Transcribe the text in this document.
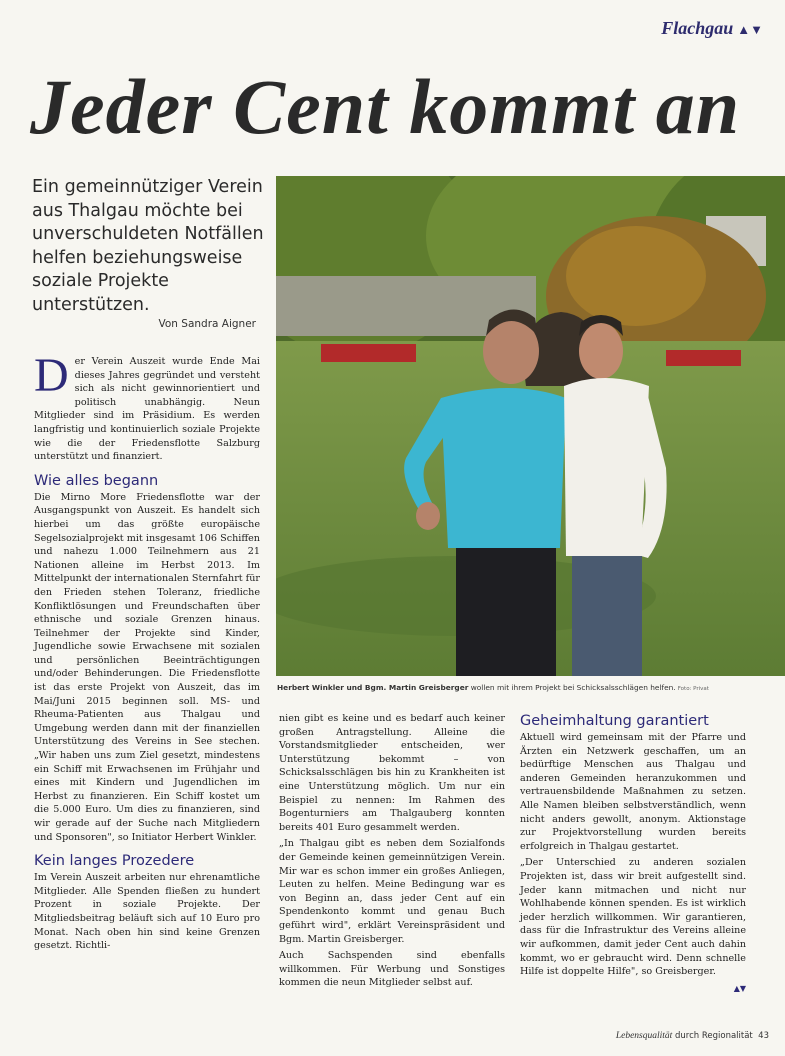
Flachgau ▲▼
Jeder Cent kommt an
Ein gemeinnütziger Verein aus Thalgau möchte bei unverschuldeten Notfällen helfen beziehungsweise soziale Projekte unterstützen.
Von Sandra Aigner
Herbert Winkler und Bgm. Martin Greisberger wollen mit ihrem Projekt bei Schicksalsschlägen helfen. Foto: Privat

Der Verein Auszeit wurde Ende Mai dieses Jahres gegründet und versteht sich als nicht gewinnorientiert und politisch unabhängig. Neun Mitglieder sind im Präsidium. Es werden langfristig und kontinuierlich soziale Projekte wie die der Friedensflotte Salzburg unterstützt und finanziert.

Wie alles begann

Die Mirno More Friedensflotte war der Ausgangspunkt von Auszeit. Es handelt sich hierbei um das größte europäische Segelsozialprojekt mit insgesamt 106 Schiffen und nahezu 1.000 Teilnehmern aus 21 Nationen alleine im Herbst 2013. Im Mittelpunkt der internationalen Sternfahrt für den Frieden stehen Toleranz, friedliche Konfliktlösungen und Freundschaften über ethnische und soziale Grenzen hinaus. Teilnehmer der Projekte sind Kinder, Jugendliche sowie Erwachsene mit sozialen und persönlichen Beeinträchtigungen und/oder Behinderungen. Die Friedensflotte ist das erste Projekt von Auszeit, das im Mai/Juni 2015 beginnen soll. MS- und Rheuma-Patienten aus Thalgau und Umgebung werden dann mit der finanziellen Unterstützung des Vereins in See stechen. „Wir haben uns zum Ziel gesetzt, mindestens ein Schiff mit Erwachsenen im Frühjahr und eines mit Kindern und Jugendlichen im Herbst zu finanzieren. Ein Schiff kostet um die 5.000 Euro. Um dies zu finanzieren, sind wir gerade auf der Suche nach Mitgliedern und Sponsoren", so Initiator Herbert Winkler.

Kein langes Prozedere

Im Verein Auszeit arbeiten nur ehrenamtliche Mitglieder. Alle Spenden fließen zu hundert Prozent in soziale Projekte. Der Mitgliedsbeitrag beläuft sich auf 10 Euro pro Monat. Nach oben hin sind keine Grenzen gesetzt. Richtli-

nien gibt es keine und es bedarf auch keiner großen Antragstellung. Alleine die Vorstandsmitglieder entscheiden, wer Unterstützung bekommt – von Schicksalsschlägen bis hin zu Krankheiten ist eine Unterstützung möglich. Um nur ein Beispiel zu nennen: Im Rahmen des Bogenturniers am Thalgauberg konnten bereits 401 Euro gesammelt werden.

„In Thalgau gibt es neben dem Sozialfonds der Gemeinde keinen gemeinnützigen Verein. Mir war es schon immer ein großes Anliegen, Leuten zu helfen. Meine Bedingung war es von Beginn an, dass jeder Cent auf ein Spendenkonto kommt und genau Buch geführt wird", erklärt Vereinspräsident und Bgm. Martin Greisberger.

Auch Sachspenden sind ebenfalls willkommen. Für Werbung und Sonstiges kommen die neun Mitglieder selbst auf.

Geheimhaltung garantiert

Aktuell wird gemeinsam mit der Pfarre und Ärzten ein Netzwerk geschaffen, um an bedürftige Menschen aus Thalgau und anderen Gemeinden heranzukommen und vertrauensbildende Maßnahmen zu setzen. Alle Namen bleiben selbstverständlich, wenn nicht anders gewollt, anonym. Aktionstage zur Projektvorstellung wurden bereits erfolgreich in Thalgau gestartet.

„Der Unterschied zu anderen sozialen Projekten ist, dass wir breit aufgestellt sind. Jeder kann mitmachen und nicht nur Wohlhabende können spenden. Es ist wirklich jeder herzlich willkommen. Wir garantieren, dass für die Infrastruktur des Vereins alleine wir aufkommen, damit jeder Cent auch dahin kommt, wo er gebraucht wird. Denn schnelle Hilfe ist doppelte Hilfe", so Greisberger.

▲▼
Lebensqualität durch Regionalität 43
